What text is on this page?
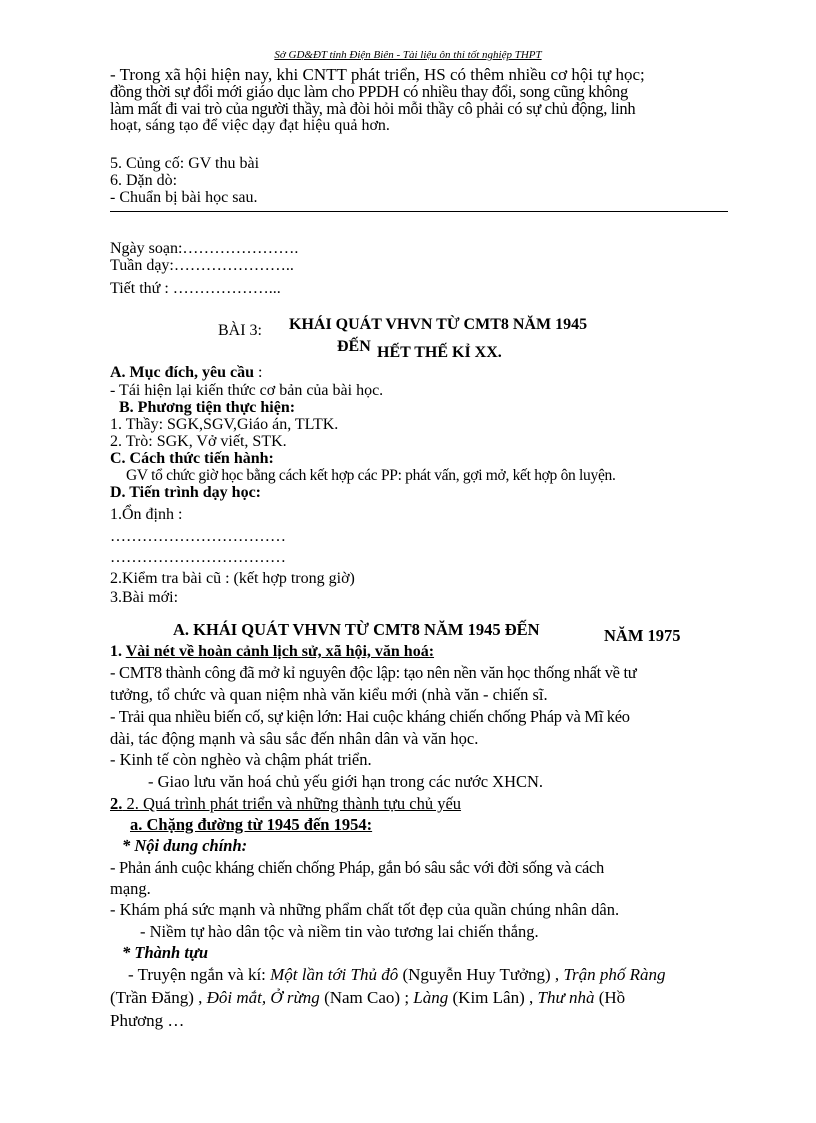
Sở GD&ĐT tỉnh Điện Biên - Tài liệu ôn thi tốt nghiệp THPT
- Trong xã hội hiện nay, khi CNTT phát triển, HS có thêm nhiều cơ hội tự học;
đồng thời sự đổi mới giáo dục làm cho PPDH có nhiều thay đổi, song cũng không
làm mất đi vai trò của người thầy, mà đòi hỏi mỗi thầy cô phải có sự chủ động, linh
hoạt, sáng tạo để việc dạy đạt hiệu quả hơn.
5. Củng cố: GV thu bài
6. Dặn dò:
- Chuẩn bị bài học sau.
Ngày soạn:………………….
Tuần dạy:…………………..
Tiết thứ : ………………...
BÀI 3: KHÁI QUÁT VHVN TỪ CMT8 NĂM 1945
ĐẾN HẾT THẾ KỈ XX.
A. Mục đích, yêu cầu :
- Tái hiện lại kiến thức cơ bản của bài học.
B. Phương tiện thực hiện:
1. Thầy: SGK,SGV,Giáo án, TLTK.
2. Trò: SGK, Vở viết, STK.
C. Cách thức tiến hành:
GV tổ chức giờ học bằng cách kết hợp các PP: phát vấn, gợi mở, kết hợp ôn luyện.
D. Tiến trình dạy học:
1.Ổn định :
……………………………
……………………………
2.Kiểm tra bài cũ : (kết hợp trong giờ)
3.Bài mới:
A. KHÁI QUÁT VHVN TỪ CMT8 NĂM 1945 ĐẾN	NĂM 1975
1. Vài nét về hoàn cảnh lịch sử, xã hội, văn hoá:
- CMT8 thành công đã mở kỉ nguyên độc lập: tạo nên nền văn học thống nhất về tư
tưởng, tổ chức và quan niệm nhà văn kiểu mới (nhà văn - chiến sĩ.
- Trải qua nhiều biến cố, sự kiện lớn: Hai cuộc kháng chiến chống Pháp và Mĩ kéo
dài, tác động mạnh và sâu sắc đến nhân dân và văn học.
- Kinh tế còn nghèo và chậm phát triển.
- Giao lưu văn hoá chủ yếu giới hạn trong các nước XHCN.
2. 2. Quá trình phát triển và những thành tựu chủ yếu
a. Chặng đường từ 1945 đến 1954:
* Nội dung chính:
- Phản ánh cuộc kháng chiến chống Pháp, gắn bó sâu sắc với đời sống và cách
mạng.
- Khám phá sức mạnh và những phẩm chất tốt đẹp của quần chúng nhân dân.
- Niềm tự hào dân tộc và niềm tin vào tương lai chiến thắng.
* Thành tựu
- Truyện ngắn và kí: Một lần tới Thủ đô (Nguyễn Huy Tưởng) , Trận phố Ràng
(Trần Đăng) , Đôi mắt, Ở rừng (Nam Cao) ; Làng (Kim Lân) , Thư nhà (Hồ
Phương …
